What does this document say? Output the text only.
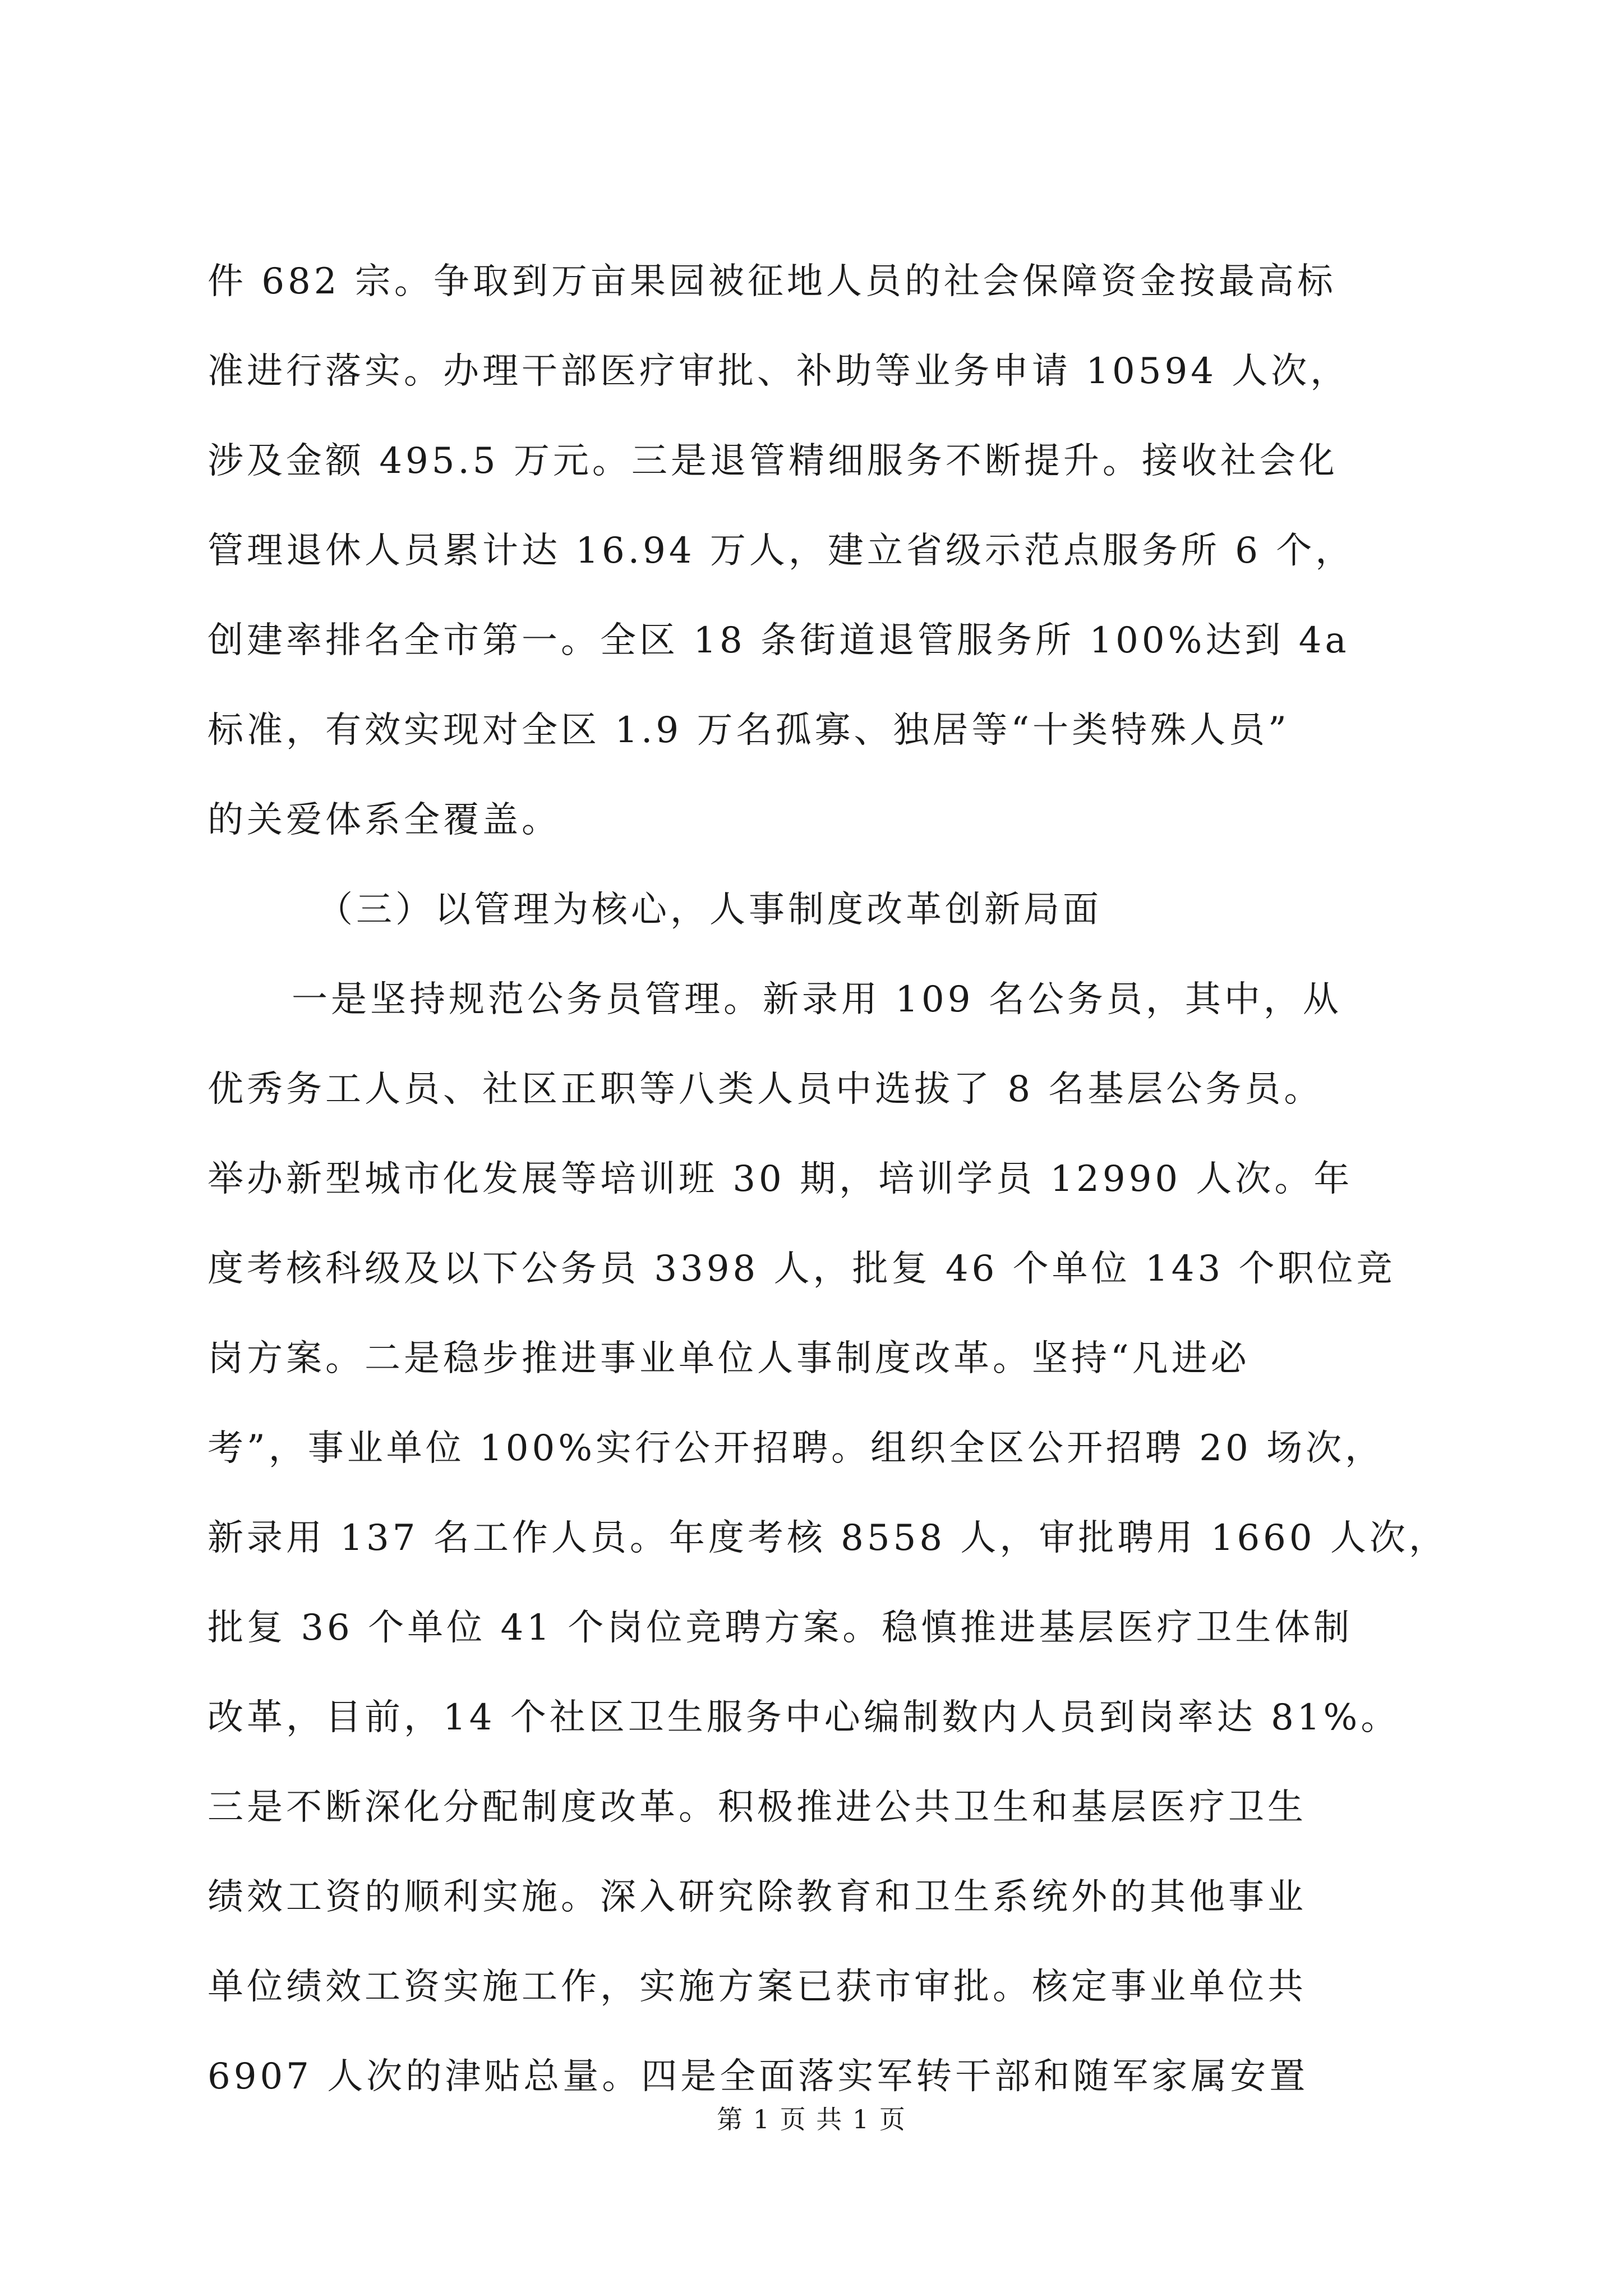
件 682 宗。争取到万亩果园被征地人员的社会保障资金按最高标
准进行落实。办理干部医疗审批、补助等业务申请 10594 人次，
涉及金额 495.5 万元。三是退管精细服务不断提升。接收社会化
管理退休人员累计达 16.94 万人，建立省级示范点服务所 6 个，
创建率排名全市第一。全区 18 条街道退管服务所 100%达到 4a
标准，有效实现对全区 1.9 万名孤寡、独居等“十类特殊人员”
的关爱体系全覆盖。
（三）以管理为核心，人事制度改革创新局面
一是坚持规范公务员管理。新录用 109 名公务员，其中，从
优秀务工人员、社区正职等八类人员中选拔了 8 名基层公务员。
举办新型城市化发展等培训班 30 期，培训学员 12990 人次。年
度考核科级及以下公务员 3398 人，批复 46 个单位 143 个职位竞
岗方案。二是稳步推进事业单位人事制度改革。坚持“凡进必
考”，事业单位 100%实行公开招聘。组织全区公开招聘 20 场次，
新录用 137 名工作人员。年度考核 8558 人，审批聘用 1660 人次，
批复 36 个单位 41 个岗位竞聘方案。稳慎推进基层医疗卫生体制
改革，目前，14 个社区卫生服务中心编制数内人员到岗率达 81%。
三是不断深化分配制度改革。积极推进公共卫生和基层医疗卫生
绩效工资的顺利实施。深入研究除教育和卫生系统外的其他事业
单位绩效工资实施工作，实施方案已获市审批。核定事业单位共
6907 人次的津贴总量。四是全面落实军转干部和随军家属安置
第 1 页 共 1 页
